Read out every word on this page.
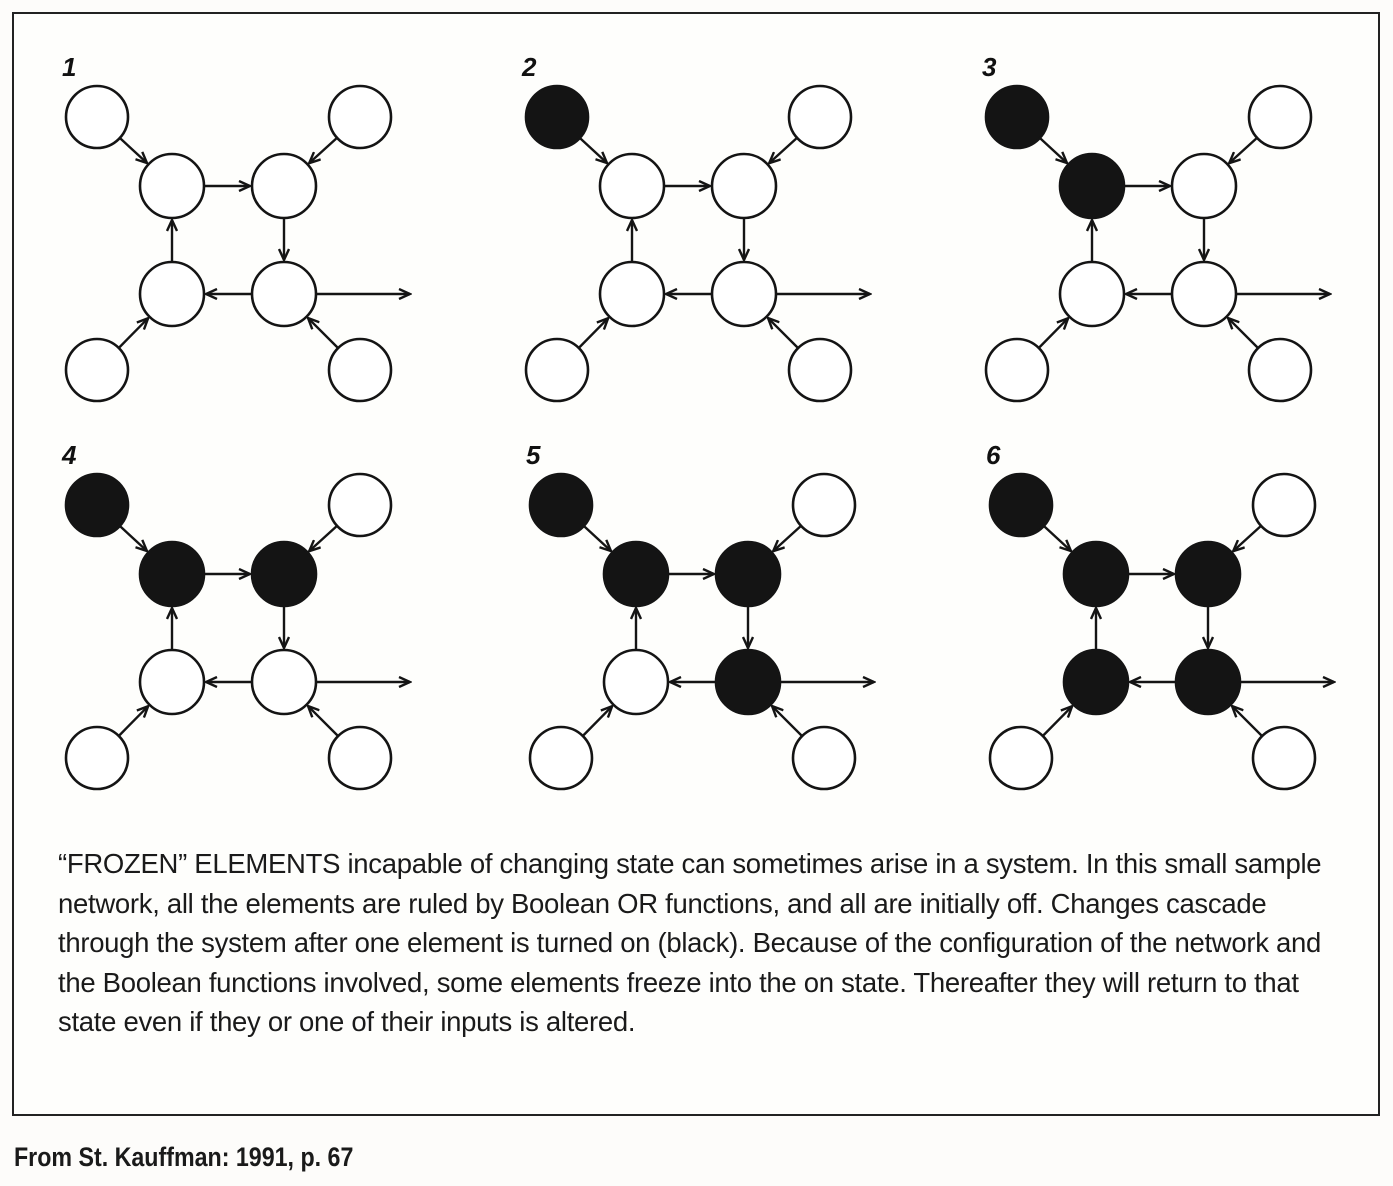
1	2	3
4	5	6

“FROZEN” ELEMENTS incapable of changing state can sometimes arise in a system. In this small sample network, all the elements are ruled by Boolean OR functions, and all are initially off. Changes cascade through the system after one element is turned on (black). Because of the configuration of the network and the Boolean functions involved, some elements freeze into the on state. Thereafter they will return to that state even if they or one of their inputs is altered.

From St. Kauffman: 1991, p. 67
